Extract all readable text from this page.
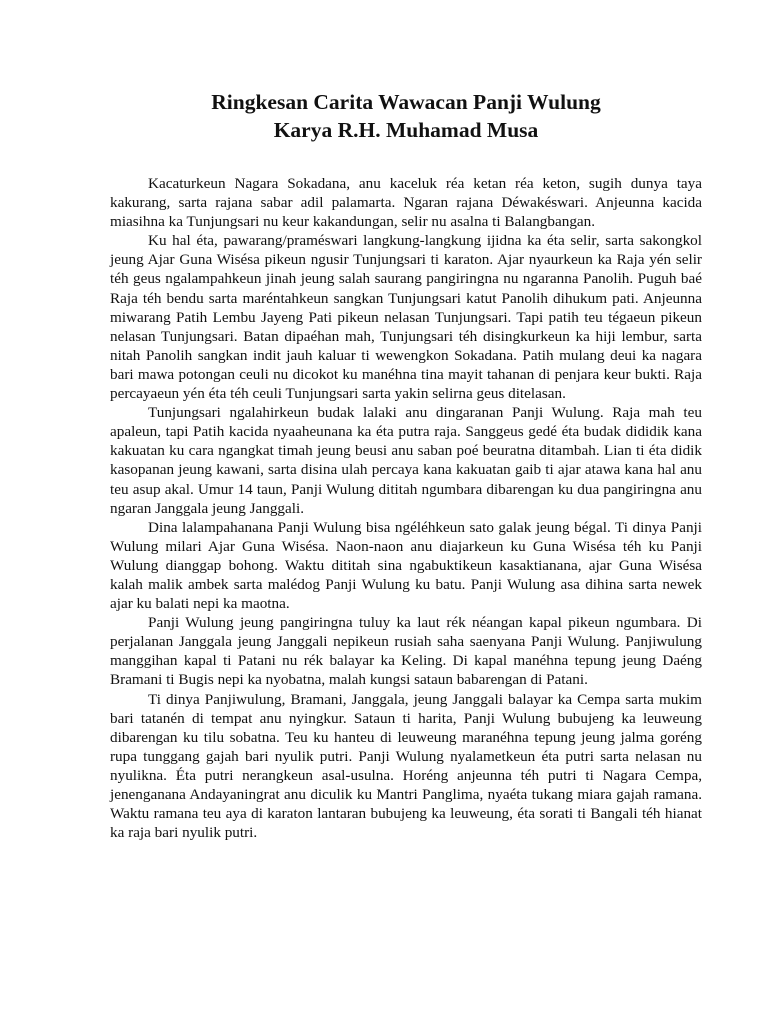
Ringkesan Carita Wawacan Panji Wulung
Karya R.H. Muhamad Musa

Kacaturkeun Nagara Sokadana, anu kaceluk réa ketan réa keton, sugih dunya taya kakurang, sarta rajana sabar adil palamarta. Ngaran rajana Déwakéswari. Anjeunna kacida miasihna ka Tunjungsari nu keur kakandungan, selir nu asalna ti Balangbangan.

Ku hal éta, pawarang/praméswari langkung-langkung ijidna ka éta selir, sarta sakongkol jeung Ajar Guna Wisésa pikeun ngusir Tunjungsari ti karaton. Ajar nyaurkeun ka Raja yén selir téh geus ngalampahkeun jinah jeung salah saurang pangiringna nu ngaranna Panolih. Puguh baé Raja téh bendu sarta maréntahkeun sangkan Tunjungsari katut Panolih dihukum pati. Anjeunna miwarang Patih Lembu Jayeng Pati pikeun nelasan Tunjungsari. Tapi patih teu tégaeun pikeun nelasan Tunjungsari. Batan dipaéhan mah, Tunjungsari téh disingkurkeun ka hiji lembur, sarta nitah Panolih sangkan indit jauh kaluar ti wewengkon Sokadana. Patih mulang deui ka nagara bari mawa potongan ceuli nu dicokot ku manéhna tina mayit tahanan di penjara keur bukti. Raja percayaeun yén éta téh ceuli Tunjungsari sarta yakin selirna geus ditelasan.

Tunjungsari ngalahirkeun budak lalaki anu dingaranan Panji Wulung. Raja mah teu apaleun, tapi Patih kacida nyaaheunana ka éta putra raja. Sanggeus gedé éta budak dididik kana kakuatan ku cara ngangkat timah jeung beusi anu saban poé beuratna ditambah. Lian ti éta didik kasopanan jeung kawani, sarta disina ulah percaya kana kakuatan gaib ti ajar atawa kana hal anu teu asup akal. Umur 14 taun, Panji Wulung dititah ngumbara dibarengan ku dua pangiringna anu ngaran Janggala jeung Janggali.

Dina lalampahanana Panji Wulung bisa ngéléhkeun sato galak jeung bégal. Ti dinya Panji Wulung milari Ajar Guna Wisésa. Naon-naon anu diajarkeun ku Guna Wisésa téh ku Panji Wulung dianggap bohong. Waktu dititah sina ngabuktikeun kasaktianana, ajar Guna Wisésa kalah malik ambek sarta malédog Panji Wulung ku batu. Panji Wulung asa dihina sarta newek ajar ku balati nepi ka maotna.

Panji Wulung jeung pangiringna tuluy ka laut rék néangan kapal pikeun ngumbara. Di perjalanan Janggala jeung Janggali nepikeun rusiah saha saenyana Panji Wulung. Panjiwulung manggihan kapal ti Patani nu rék balayar ka Keling. Di kapal manéhna tepung jeung Daéng Bramani ti Bugis nepi ka nyobatna, malah kungsi sataun babarengan di Patani.

Ti dinya Panjiwulung, Bramani, Janggala, jeung Janggali balayar ka Cempa sarta mukim bari tatanén di tempat anu nyingkur. Sataun ti harita, Panji Wulung bubujeng ka leuweung dibarengan ku tilu sobatna. Teu ku hanteu di leuweung maranéhna tepung jeung jalma goréng rupa tunggang gajah bari nyulik putri. Panji Wulung nyalametkeun éta putri sarta nelasan nu nyulikna. Éta putri nerangkeun asal-usulna. Horéng anjeunna téh putri ti Nagara Cempa, jenenganana Andayaningrat anu diculik ku Mantri Panglima, nyaéta tukang miara gajah ramana. Waktu ramana teu aya di karaton lantaran bubujeng ka leuweung, éta sorati ti Bangali téh hianat ka raja bari nyulik putri.
